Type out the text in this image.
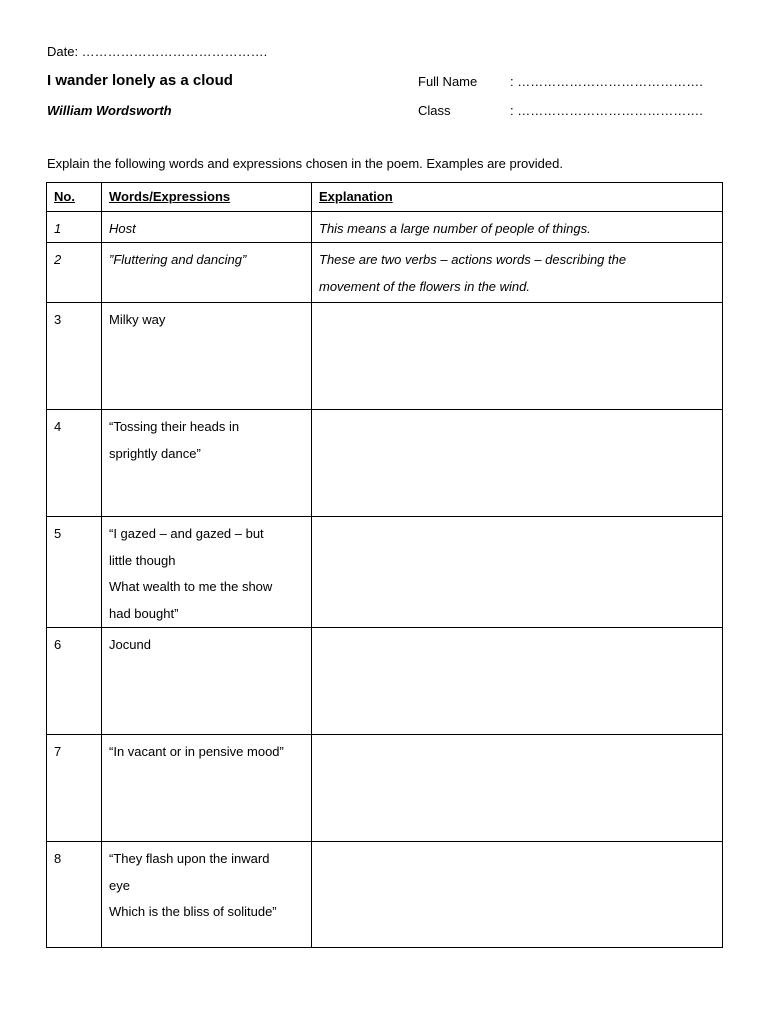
Date: …………………………………….
I wander lonely as a cloud
William Wordsworth
Full Name	: …………………………………….
Class	: …………………………………….
Explain the following words and expressions chosen in the poem. Examples are provided.
No.	Words/Expressions	Explanation
1	Host	This means a large number of people of things.

2	”Fluttering and dancing”	These are two verbs – actions words – describing the
movement of the flowers in the wind.

3	Milky way	

4	“Tossing their heads in
sprightly dance”	

5	“I gazed – and gazed – but
little though
What wealth to me the show
had bought”	

6	Jocund	

7	“In vacant or in pensive mood”	

8	“They flash upon the inward
eye
Which is the bliss of solitude”	
